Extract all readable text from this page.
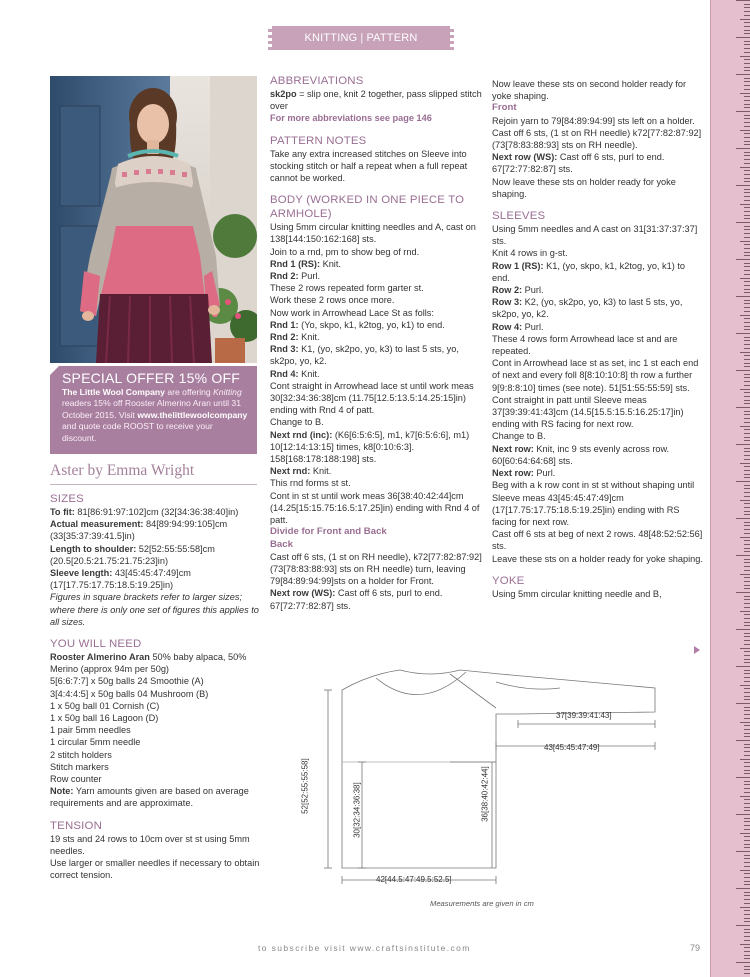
KNITTING | PATTERN INSTRUCTIONS
SPECIAL OFFER 15% OFF
The Little Wool Company are offering Knitting readers 15% off Rooster Almerino Aran until 31 October 2015. Visit www.thelittlewoolcompany and quote code ROOST to receive your discount.
Aster by Emma Wright
SIZES

To fit: 81[86:91:97:102]cm (32[34:36:38:40]in)

Actual measurement: 84[89:94:99:105]cm (33[35:37:39:41.5]in)

Length to shoulder: 52[52:55:55:58]cm (20.5[20.5:21.75:21.75:23]in)

Sleeve length: 43[45:45:47:49]cm (17[17.75:17.75:18.5:19.25]in)

Figures in square brackets refer to larger sizes; where there is only one set of figures this applies to all sizes.

YOU WILL NEED

Rooster Almerino Aran 50% baby alpaca, 50% Merino (approx 94m per 50g)

5[6:6:7:7] x 50g balls 24 Smoothie (A)

3[4:4:4:5] x 50g balls 04 Mushroom (B)

1 x 50g ball 01 Cornish (C)

1 x 50g ball 16 Lagoon (D)

1 pair 5mm needles

1 circular 5mm needle

2 stitch holders

Stitch markers

Row counter

Note: Yarn amounts given are based on average requirements and are approximate.

TENSION

19 sts and 24 rows to 10cm over st st using 5mm needles.

Use larger or smaller needles if necessary to obtain correct tension.

ABBREVIATIONS

sk2po = slip one, knit 2 together, pass slipped stitch over

For more abbreviations see page 146

PATTERN NOTES

Take any extra increased stitches on Sleeve into stocking stitch or half a repeat when a full repeat cannot be worked.

BODY (WORKED IN ONE PIECE TO ARMHOLE)

Using 5mm circular knitting needles and A, cast on 138[144:150:162:168] sts.

Join to a rnd, pm to show beg of rnd.

Rnd 1 (RS): Knit.

Rnd 2: Purl.

These 2 rows repeated form garter st.

Work these 2 rows once more.

Now work in Arrowhead Lace St as folls:

Rnd 1: (Yo, skpo, k1, k2tog, yo, k1) to end.

Rnd 2: Knit.

Rnd 3: K1, (yo, sk2po, yo, k3) to last 5 sts, yo, sk2po, yo, k2.

Rnd 4: Knit.

Cont straight in Arrowhead lace st until work meas 30[32:34:36:38]cm (11.75[12.5:13.5:14.25:15]in) ending with Rnd 4 of patt.

Change to B.

Next rnd (inc): (K6[6:5:6:5], m1, k7[6:5:6:6], m1) 10[12:14:13:15] times, k8[0:10:6:3]. 158[168:178:188:198] sts.

Next rnd: Knit.

This rnd forms st st.

Cont in st st until work meas 36[38:40:42:44]cm (14.25[15:15.75:16.5:17.25]in) ending with Rnd 4 of patt.

Divide for Front and Back

Back

Cast off 6 sts, (1 st on RH needle), k72[77:82:87:92] (73[78:83:88:93] sts on RH needle) turn, leaving 79[84:89:94:99]sts on a holder for Front.

Next row (WS): Cast off 6 sts, purl to end. 67[72:77:82:87] sts.

Now leave these sts on second holder ready for yoke shaping.

Front

Rejoin yarn to 79[84:89:94:99] sts left on a holder.

Cast off 6 sts, (1 st on RH needle) k72[77:82:87:92] (73[78:83:88:93] sts on RH needle).

Next row (WS): Cast off 6 sts, purl to end. 67[72:77:82:87] sts.

Now leave these sts on holder ready for yoke shaping.

SLEEVES

Using 5mm needles and A cast on 31[31:37:37:37] sts.

Knit 4 rows in g-st.

Row 1 (RS): K1, (yo, skpo, k1, k2tog, yo, k1) to end.

Row 2: Purl.

Row 3: K2, (yo, sk2po, yo, k3) to last 5 sts, yo, sk2po, yo, k2.

Row 4: Purl.

These 4 rows form Arrowhead lace st and are repeated.

Cont in Arrowhead lace st as set, inc 1 st each end of next and every foll 8[8:10:10:8] th row a further 9[9:8:8:10] times (see note). 51[51:55:55:59] sts.

Cont straight in patt until Sleeve meas 37[39:39:41:43]cm (14.5[15.5:15.5:16.25:17]in) ending with RS facing for next row.

Change to B.

Next row: Knit, inc 9 sts evenly across row. 60[60:64:64:68] sts.

Next row: Purl.

Beg with a k row cont in st st without shaping until Sleeve meas 43[45:45:47:49]cm (17[17.75:17.75:18.5:19.25]in) ending with RS facing for next row.

Cast off 6 sts at beg of next 2 rows. 48[48:52:52:56] sts.

Leave these sts on a holder ready for yoke shaping.

YOKE

Using 5mm circular knitting needle and B,

37[39:39:41:43]
43[45:45:47:49]
52[52:55:55:58]	30[32:34:36:38]	36[38:40:42:44]
42[44.5:47:49.5:52.5]
Measurements are given in cm
to subscribe visit www.craftsinstitute.com	79
